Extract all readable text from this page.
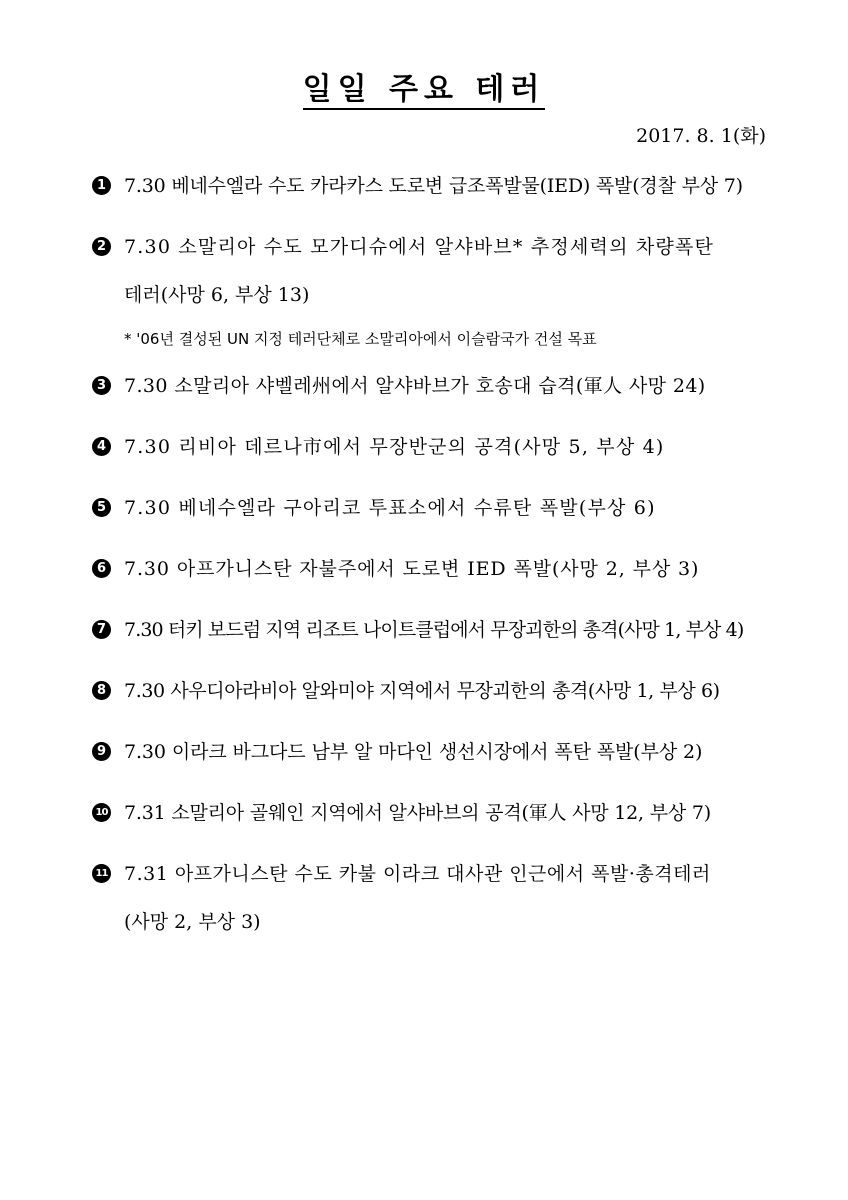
일일 주요 테러
2017. 8. 1(화)
1 7.30 베네수엘라 수도 카라카스 도로변 급조폭발물(IED) 폭발(경찰 부상 7)
2 7.30 소말리아 수도 모가디슈에서 알샤바브* 추정세력의 차량폭탄
테러(사망 6, 부상 13)
* '06년 결성된 UN 지정 테러단체로 소말리아에서 이슬람국가 건설 목표
3 7.30 소말리아 샤벨레州에서 알샤바브가 호송대 습격(軍人 사망 24)
4 7.30 리비아 데르나市에서 무장반군의 공격(사망 5, 부상 4)
5 7.30 베네수엘라 구아리코 투표소에서 수류탄 폭발(부상 6)
6 7.30 아프가니스탄 자불주에서 도로변 IED 폭발(사망 2, 부상 3)
7 7.30 터키 보드럼 지역 리조트 나이트클럽에서 무장괴한의 총격(사망 1, 부상 4)
8 7.30 사우디아라비아 알와미야 지역에서 무장괴한의 총격(사망 1, 부상 6)
9 7.30 이라크 바그다드 남부 알 마다인 생선시장에서 폭탄 폭발(부상 2)
10 7.31 소말리아 골웨인 지역에서 알샤바브의 공격(軍人 사망 12, 부상 7)
11 7.31 아프가니스탄 수도 카불 이라크 대사관 인근에서 폭발·총격테러
(사망 2, 부상 3)
